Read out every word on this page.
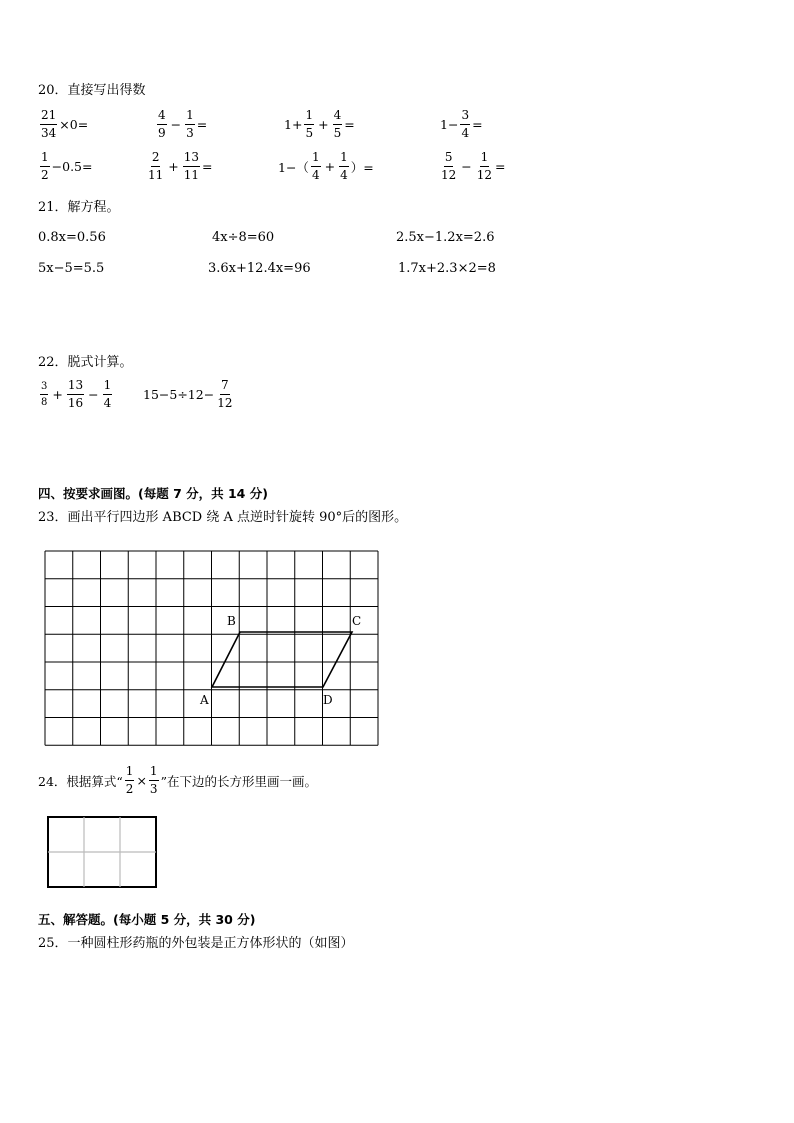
20．直接写出得数
$\frac{21}{34} \times 0=$	$\frac{4}{9} - \frac{1}{3}$ =	$1+ \frac{1}{5} + \frac{4}{5}$ =	$1- \frac{3}{4}$ =
$\frac{1}{2} -0.5=$	$\frac{2}{11} + \frac{13}{11}$ =	$1-( \frac{1}{4} + \frac{1}{4}$ ）=	$\frac{5}{12} - \frac{1}{12}$ =
21．解方程。
0.8x=0.56	4x÷8=60	2.5x−1.2x=2.6
5x−5=5.5	3.6x+12.4x=96	1.7x+2.3×2=8
22．脱式计算。
$\frac{3}{8} + \frac{13}{16} - \frac{1}{4} 15-5\div 12- \frac{7}{12}$
四、按要求画图。(每题 7 分，共 14 分)
23．画出平行四边形 ABCD 绕 A 点逆时针旋转 90°后的图形。
B	C
A	D
24．根据算式“ $\frac{1}{2} \times \frac{1}{3}$ ”在下边的长方形里画一画。
五、解答题。(每小题 5 分，共 30 分)
25．一种圆柱形药瓶的外包装是正方体形状的（如图）
